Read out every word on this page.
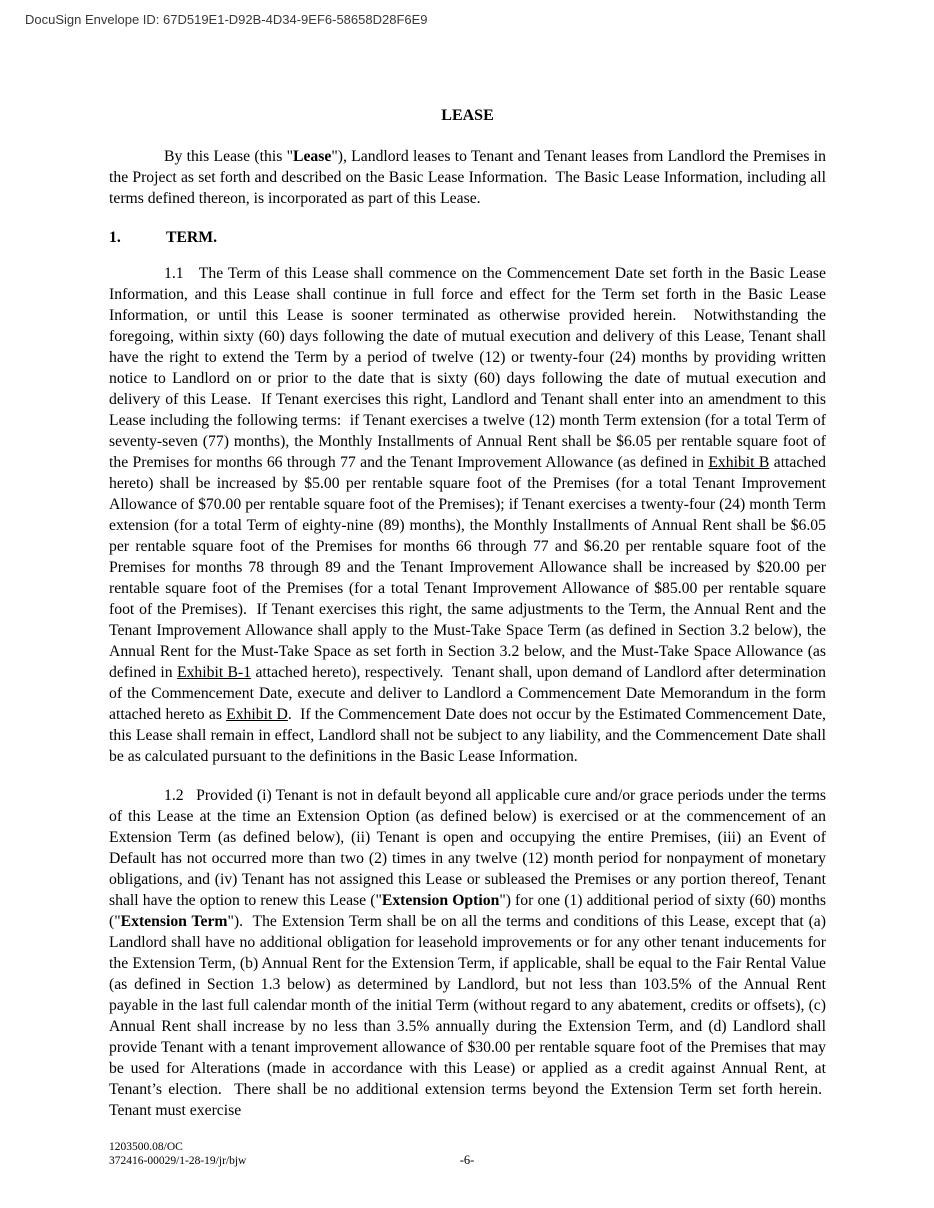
DocuSign Envelope ID: 67D519E1-D92B-4D34-9EF6-58658D28F6E9
LEASE

By this Lease (this "Lease"), Landlord leases to Tenant and Tenant leases from Landlord the Premises in the Project as set forth and described on the Basic Lease Information.  The Basic Lease Information, including all terms defined thereon, is incorporated as part of this Lease.

1.	TERM.

1.1   The Term of this Lease shall commence on the Commencement Date set forth in the Basic Lease Information, and this Lease shall continue in full force and effect for the Term set forth in the Basic Lease Information, or until this Lease is sooner terminated as otherwise provided herein.  Notwithstanding the foregoing, within sixty (60) days following the date of mutual execution and delivery of this Lease, Tenant shall have the right to extend the Term by a period of twelve (12) or twenty-four (24) months by providing written notice to Landlord on or prior to the date that is sixty (60) days following the date of mutual execution and delivery of this Lease.  If Tenant exercises this right, Landlord and Tenant shall enter into an amendment to this Lease including the following terms:  if Tenant exercises a twelve (12) month Term extension (for a total Term of seventy-seven (77) months), the Monthly Installments of Annual Rent shall be $6.05 per rentable square foot of the Premises for months 66 through 77 and the Tenant Improvement Allowance (as defined in Exhibit B attached hereto) shall be increased by $5.00 per rentable square foot of the Premises (for a total Tenant Improvement Allowance of $70.00 per rentable square foot of the Premises); if Tenant exercises a twenty-four (24) month Term extension (for a total Term of eighty-nine (89) months), the Monthly Installments of Annual Rent shall be $6.05 per rentable square foot of the Premises for months 66 through 77 and $6.20 per rentable square foot of the Premises for months 78 through 89 and the Tenant Improvement Allowance shall be increased by $20.00 per rentable square foot of the Premises (for a total Tenant Improvement Allowance of $85.00 per rentable square foot of the Premises).  If Tenant exercises this right, the same adjustments to the Term, the Annual Rent and the Tenant Improvement Allowance shall apply to the Must-Take Space Term (as defined in Section 3.2 below), the Annual Rent for the Must-Take Space as set forth in Section 3.2 below, and the Must-Take Space Allowance (as defined in Exhibit B-1 attached hereto), respectively.  Tenant shall, upon demand of Landlord after determination of the Commencement Date, execute and deliver to Landlord a Commencement Date Memorandum in the form attached hereto as Exhibit D.  If the Commencement Date does not occur by the Estimated Commencement Date, this Lease shall remain in effect, Landlord shall not be subject to any liability, and the Commencement Date shall be as calculated pursuant to the definitions in the Basic Lease Information.

1.2   Provided (i) Tenant is not in default beyond all applicable cure and/or grace periods under the terms of this Lease at the time an Extension Option (as defined below) is exercised or at the commencement of an Extension Term (as defined below), (ii) Tenant is open and occupying the entire Premises, (iii) an Event of Default has not occurred more than two (2) times in any twelve (12) month period for nonpayment of monetary obligations, and (iv) Tenant has not assigned this Lease or subleased the Premises or any portion thereof, Tenant shall have the option to renew this Lease ("Extension Option") for one (1) additional period of sixty (60) months ("Extension Term").  The Extension Term shall be on all the terms and conditions of this Lease, except that (a) Landlord shall have no additional obligation for leasehold improvements or for any other tenant inducements for the Extension Term, (b) Annual Rent for the Extension Term, if applicable, shall be equal to the Fair Rental Value (as defined in Section 1.3 below) as determined by Landlord, but not less than 103.5% of the Annual Rent payable in the last full calendar month of the initial Term (without regard to any abatement, credits or offsets), (c) Annual Rent shall increase by no less than 3.5% annually during the Extension Term, and (d) Landlord shall provide Tenant with a tenant improvement allowance of $30.00 per rentable square foot of the Premises that may be used for Alterations (made in accordance with this Lease) or applied as a credit against Annual Rent, at Tenant’s election.  There shall be no additional extension terms beyond the Extension Term set forth herein.  Tenant must exercise

1203500.08/OC
372416-00029/1-28-19/jr/bjw	-6-
